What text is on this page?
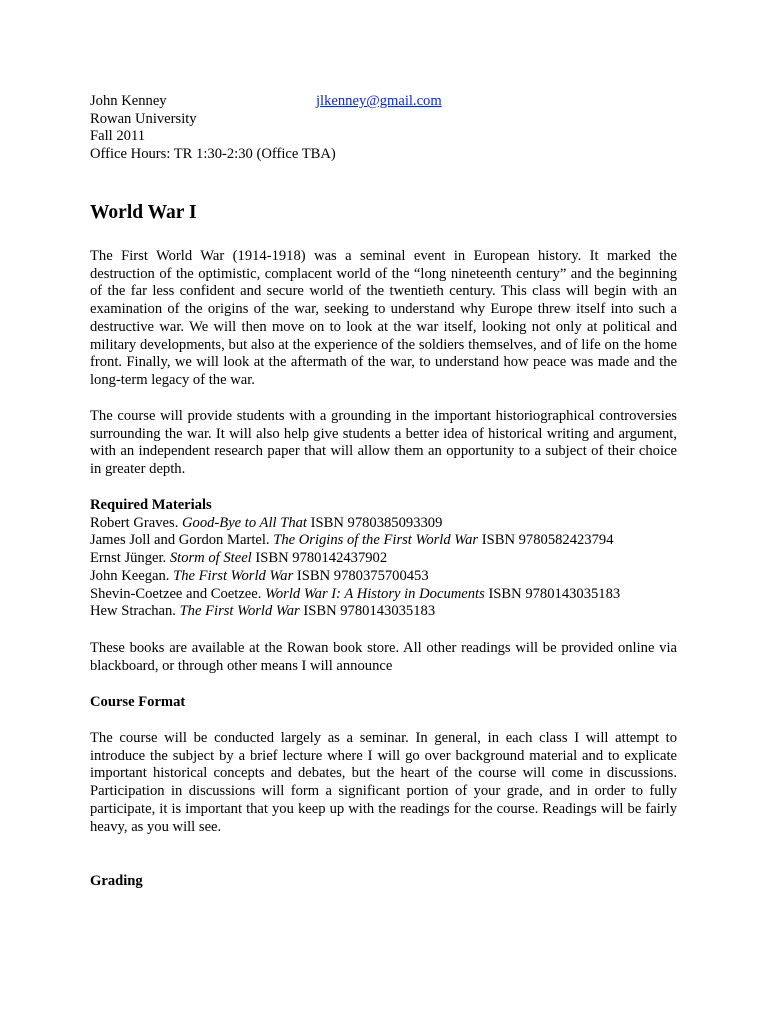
John Kenney
Rowan University
Fall 2011
Office Hours: TR 1:30-2:30 (Office TBA)
jlkenney@gmail.com
World War I

The First World War (1914-1918) was a seminal event in European history. It marked the destruction of the optimistic, complacent world of the “long nineteenth century” and the beginning of the far less confident and secure world of the twentieth century. This class will begin with an examination of the origins of the war, seeking to understand why Europe threw itself into such a destructive war. We will then move on to look at the war itself, looking not only at political and military developments, but also at the experience of the soldiers themselves, and of life on the home front. Finally, we will look at the aftermath of the war, to understand how peace was made and the long-term legacy of the war.

The course will provide students with a grounding in the important historiographical controversies surrounding the war. It will also help give students a better idea of historical writing and argument, with an independent research paper that will allow them an opportunity to a subject of their choice in greater depth.

Required Materials
Robert Graves. Good-Bye to All That ISBN 9780385093309
James Joll and Gordon Martel. The Origins of the First World War ISBN 9780582423794
Ernst Jünger. Storm of Steel ISBN 9780142437902
John Keegan. The First World War ISBN 9780375700453
Shevin-Coetzee and Coetzee. World War I: A History in Documents ISBN 9780143035183
Hew Strachan. The First World War ISBN 9780143035183

These books are available at the Rowan book store. All other readings will be provided online via blackboard, or through other means I will announce

Course Format

The course will be conducted largely as a seminar. In general, in each class I will attempt to introduce the subject by a brief lecture where I will go over background material and to explicate important historical concepts and debates, but the heart of the course will come in discussions. Participation in discussions will form a significant portion of your grade, and in order to fully participate, it is important that you keep up with the readings for the course. Readings will be fairly heavy, as you will see.

Grading
